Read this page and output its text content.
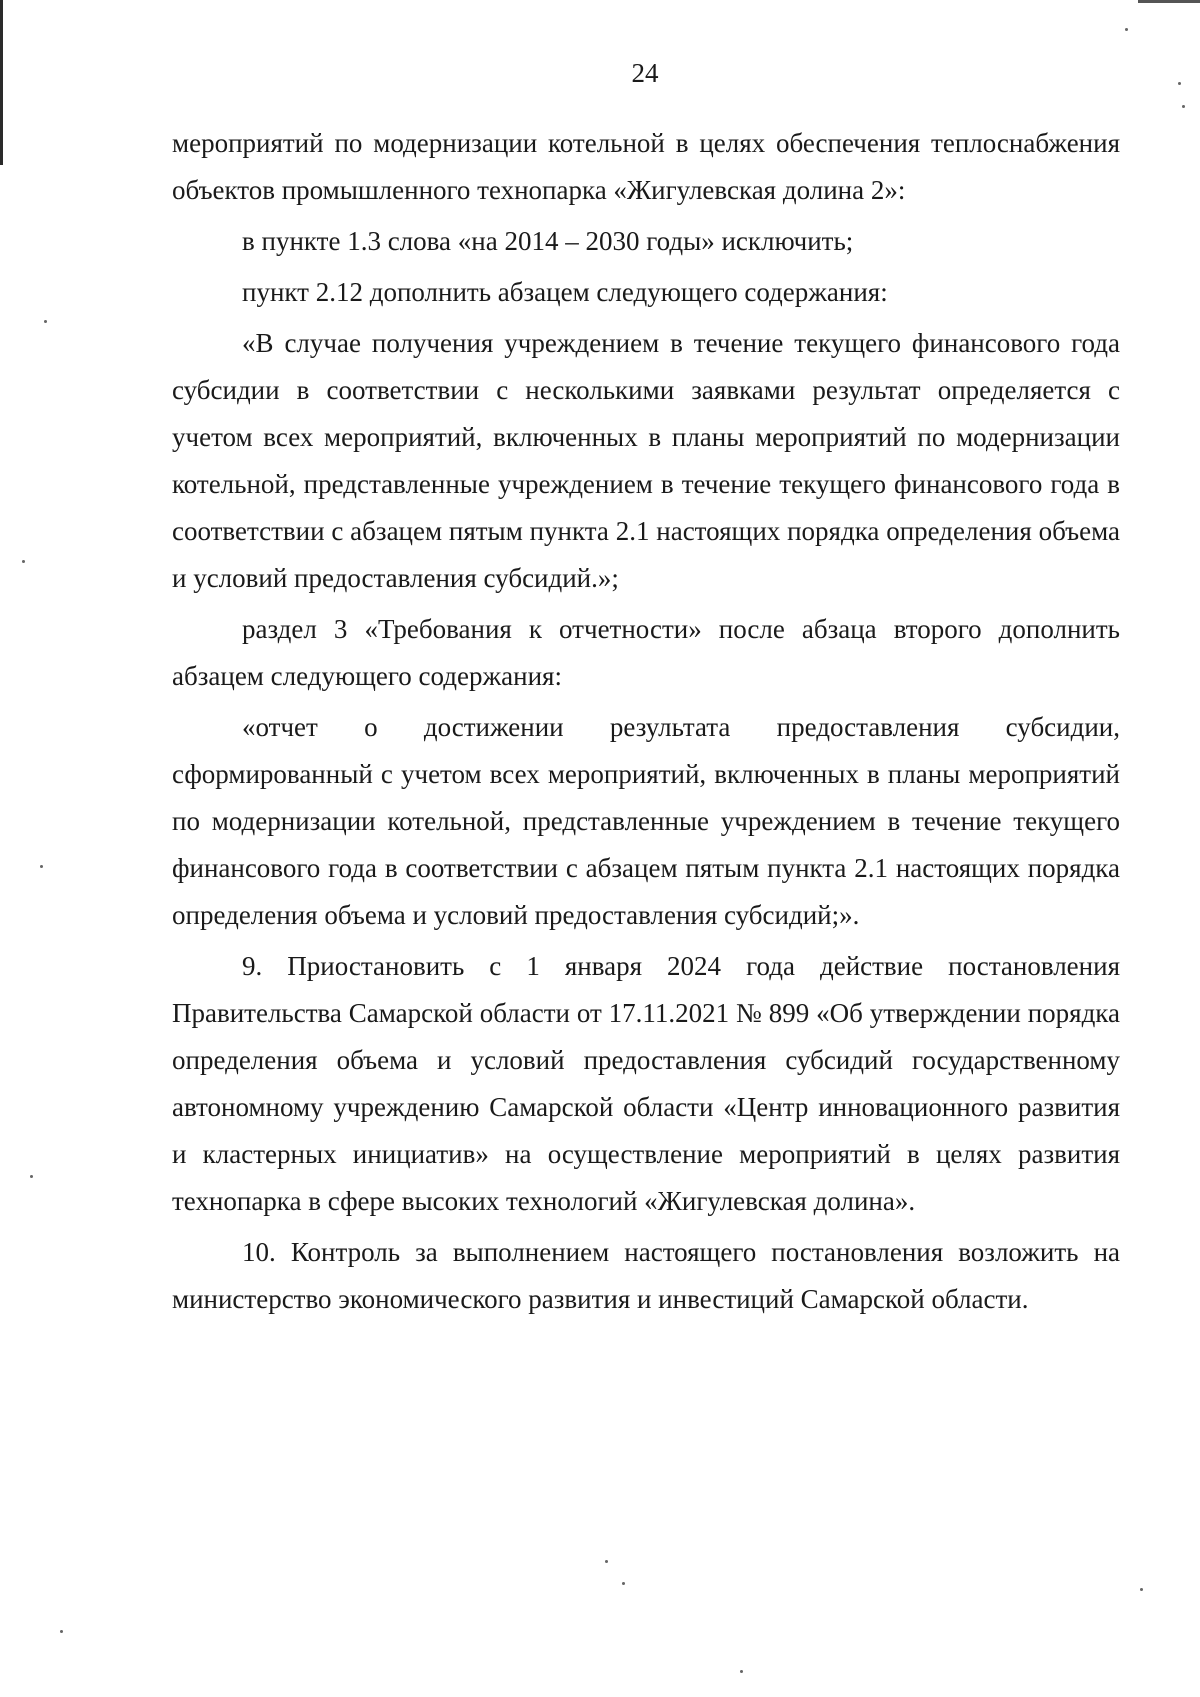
24

мероприятий по модернизации котельной в целях обеспечения теплоснабжения объектов промышленного технопарка «Жигулевская долина 2»:

в пункте 1.3 слова «на 2014 – 2030 годы» исключить;

пункт 2.12 дополнить абзацем следующего содержания:

«В случае получения учреждением в течение текущего финансового года субсидии в соответствии с несколькими заявками результат определяется с учетом всех мероприятий, включенных в планы мероприятий по модернизации котельной, представленные учреждением в течение текущего финансового года в соответствии с абзацем пятым пункта 2.1 настоящих порядка определения объема и условий предоставления субсидий.»;

раздел 3 «Требования к отчетности» после абзаца второго дополнить абзацем следующего содержания:

«отчет о достижении результата предоставления субсидии, сформированный с учетом всех мероприятий, включенных в планы мероприятий по модернизации котельной, представленные учреждением в течение текущего финансового года в соответствии с абзацем пятым пункта 2.1 настоящих порядка определения объема и условий предоставления субсидий;».

9. Приостановить с 1 января 2024 года действие постановления Правительства Самарской области от 17.11.2021 № 899 «Об утверждении порядка определения объема и условий предоставления субсидий государственному автономному учреждению Самарской области «Центр инновационного развития и кластерных инициатив» на осуществление мероприятий в целях развития технопарка в сфере высоких технологий «Жигулевская долина».

10. Контроль за выполнением настоящего постановления возложить на министерство экономического развития и инвестиций Самарской области.
